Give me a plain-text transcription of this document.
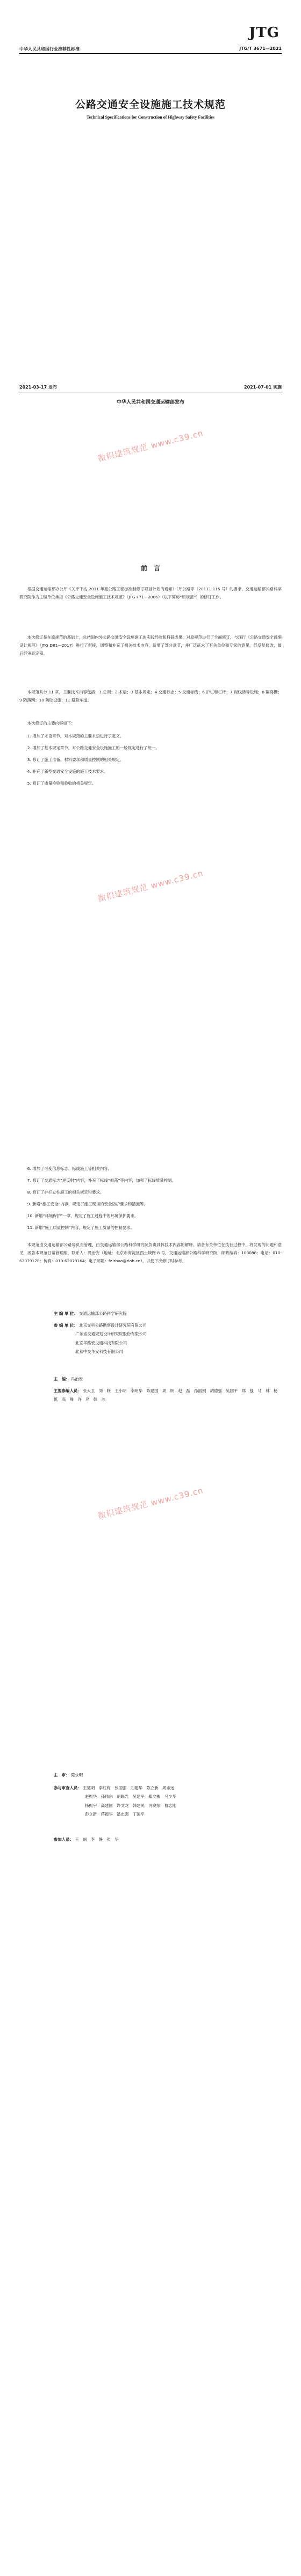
JTG
中华人民共和国行业推荐性标准	JTG/T 3671—2021
公路交通安全设施施工技术规范
Technical Specifications for Construction of Highway Safety Facilities
2021-03-17 发布	2021-07-01 实施
中华人民共和国交通运输部发布
微积建筑规范 www.c39.cn
前　言

根据交通运输部办公厅《关于下达 2011 年度公路工程标准制修订项目计划的通知》（厅公路字〔2011〕115 号）的要求，交通运输部公路科学研究院作为主编单位承担《公路交通安全设施施工技术规范》（JTG F71—2006）（以下简称“原规范”）的修订工作。

本次修订是在原规范的基础上，总结国内外公路交通安全设施施工的实践经验和科研成果，对原规范进行了全面修订，与现行《公路交通安全设施设计规范》（JTG D81—2017）进行了衔接，调整和补充了相关技术内容，新增了部分章节，并广泛征求了有关单位和专家的意见，经反复修改，最后经审查定稿。

本规范共分 11 章，主要技术内容包括：1 总则；2 术语；3 基本规定；4 交通标志；5 交通标线；6 护栏和栏杆；7 视线诱导设施；8 隔离栅；9 防落网；10 防眩设施；11 避险车道。

本次修订的主要内容如下：
1. 增加了术语章节，对本规范的主要术语进行了定义。
2. 增加了基本规定章节，对公路交通安全设施施工的一般规定进行了统一。
3. 修订了施工准备、材料要求和质量控制的相关规定。
4. 补充了新型交通安全设施的施工技术要求。
5. 修订了质量检验和验收的相关规定。
微积建筑规范 www.c39.cn
6. 增加了可变信息标志、标线施工等相关内容。
7. 修订了交通标志“逆反射”内容，补充了标线“振荡”等内容，加强了标线质量控制。
8. 修订了护栏立柱施工的相关规定和要求。
9. 新增“施工安全”内容，规定了施工现场的安全防护要求和措施等。
10. 新增“环境保护”一章，规定了施工过程中的环境保护要求。
11. 新增“施工质量控制”内容，规定了施工质量的控制要求。

本规范由交通运输部公路局负责管理，由交通运输部公路科学研究院负责具体技术内容的解释。请各有关单位在执行过程中，将发现的问题和意见，函告本规范日常管理组，联系人：冯治安（地址：北京市海淀区西土城路 8 号，交通运输部公路科学研究院，邮政编码：100088；电话：010-62079178；传真：010-62079164；电子邮箱：fz.zhao@rioh.cn），以便下次修订时参考。

主 编 单 位： 交通运输部公路科学研究院
参 编 单 位： 北京交科公路勘察设计研究院有限公司
广东省交通规划设计研究院股份有限公司
北京华路安交通科技有限公司
北京中交华安科技有限公司
主　编： 冯治安
主要参编人员： 张大卫　刘　晓　王小明　李明华　陈建国　周　明　赵　磊　孙丽娟　胡德强　吴国平　郑　强　马　林　杨　帆　高　峰　许　亮　韩　冰
微积建筑规范 www.c39.cn
主　审： 陈永明
参与审查人员： 王德明　李红梅　张国强　刘建华　陈立新　周志远
赵振华　孙伟东　胡晓光　吴建平　郑文彬　马少华
杨振宇　高建国　许文龙　韩建民　冯晓东　曹志刚
彭立新　蒋振华　潘志强　丁国平
参加人员： 王　丽　李　静　张　华
